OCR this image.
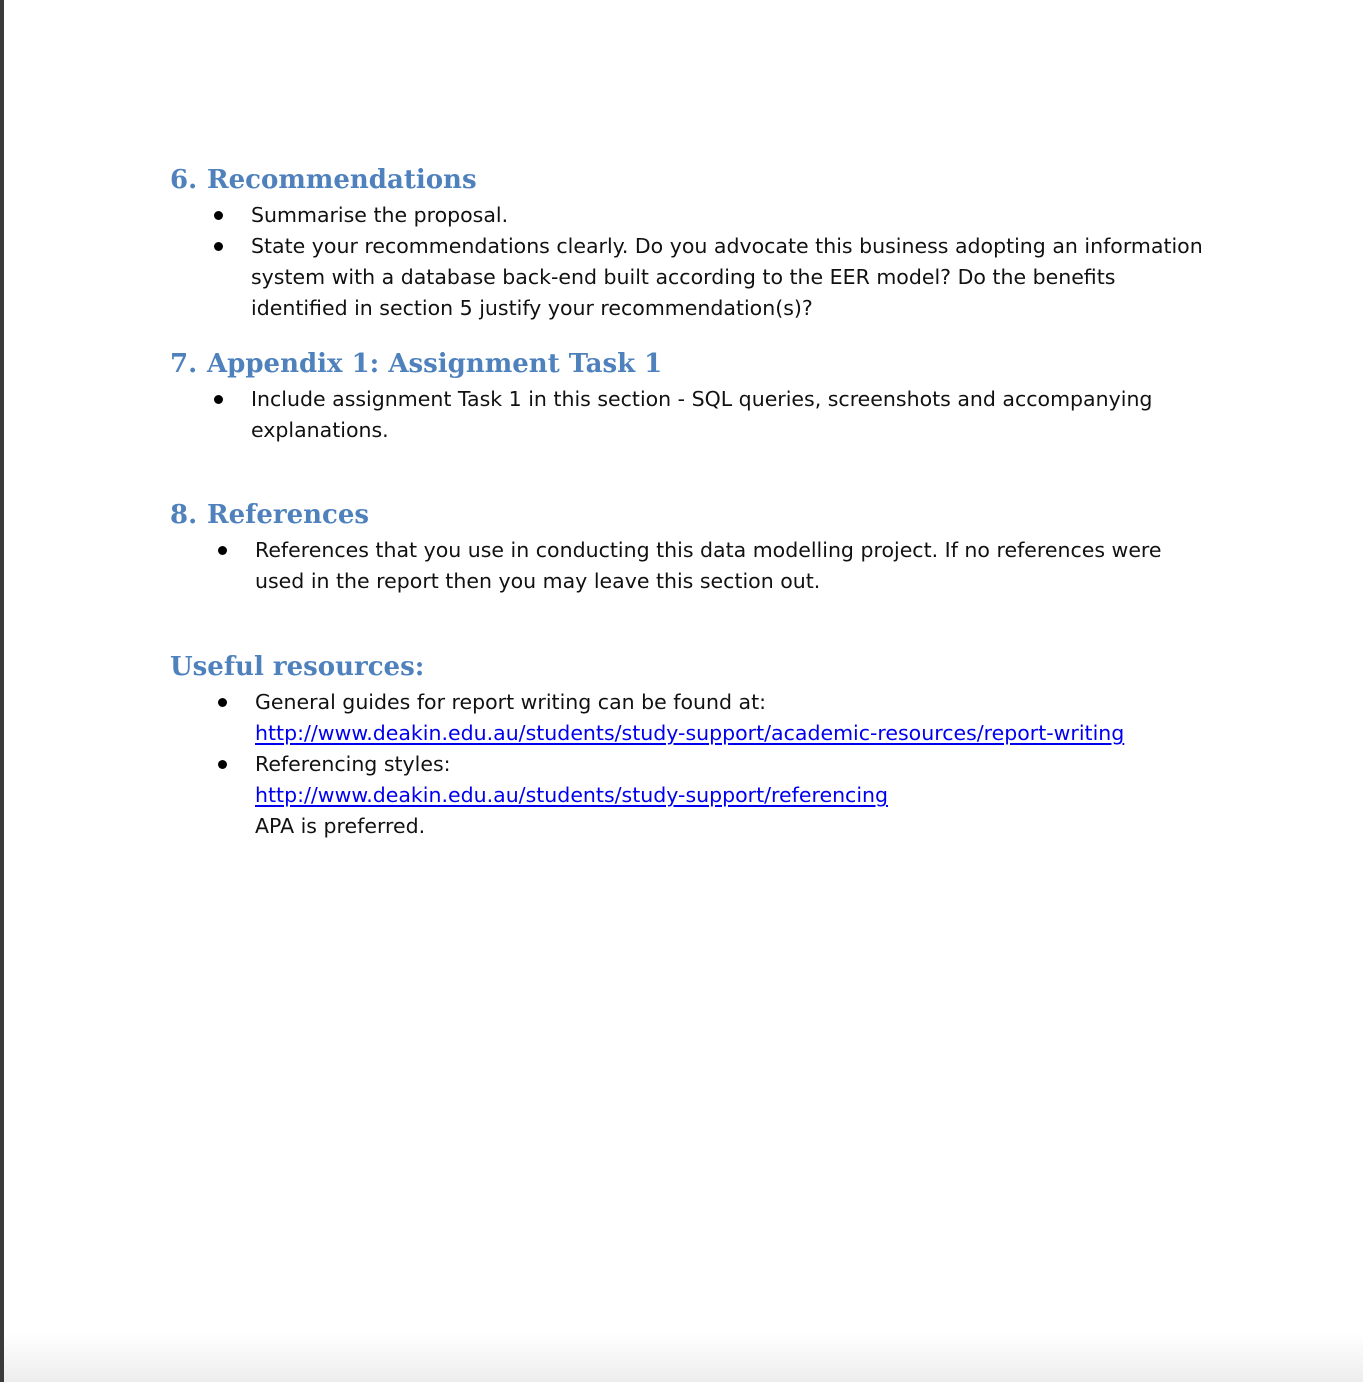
6. Recommendations
Summarise the proposal.
State your recommendations clearly. Do you advocate this business adopting an information system with a database back-end built according to the EER model? Do the benefits identified in section 5 justify your recommendation(s)?
7. Appendix 1: Assignment Task 1
Include assignment Task 1 in this section - SQL queries, screenshots and accompanying explanations.
8. References
References that you use in conducting this data modelling project. If no references were used in the report then you may leave this section out.
Useful resources:
General guides for report writing can be found at:
http://www.deakin.edu.au/students/study-support/academic-resources/report-writing
Referencing styles:
http://www.deakin.edu.au/students/study-support/referencing
APA is preferred.
